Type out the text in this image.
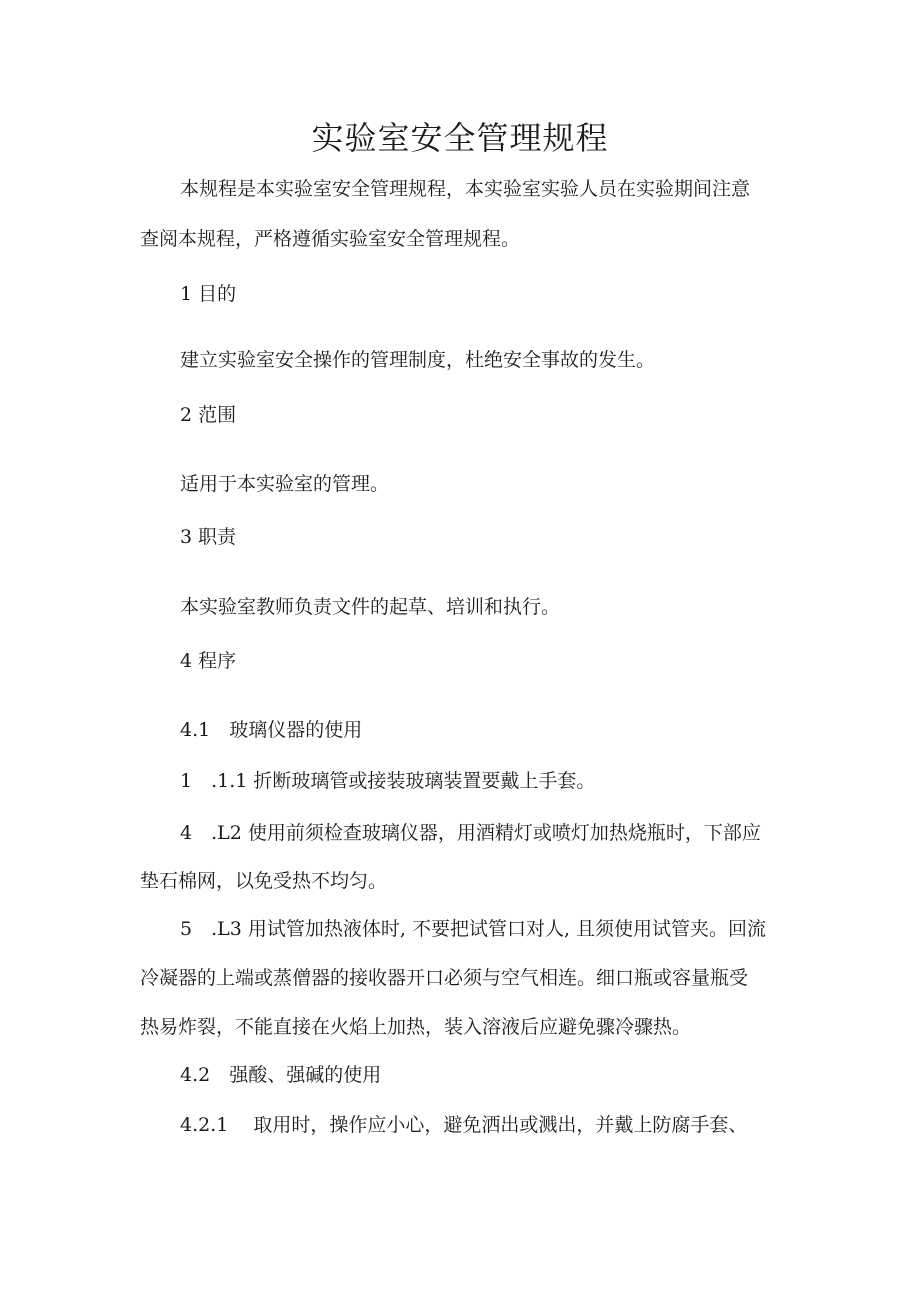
实验室安全管理规程
本规程是本实验室安全管理规程，本实验室实验人员在实验期间注意
查阅本规程，严格遵循实验室安全管理规程。
1 目的
建立实验室安全操作的管理制度，杜绝安全事故的发生。
2 范围
适用于本实验室的管理。
3 职责
本实验室教师负责文件的起草、培训和执行。
4 程序
4.1　玻璃仪器的使用
1　.1.1 折断玻璃管或接装玻璃装置要戴上手套。
4　.L2 使用前须检查玻璃仪器，用酒精灯或喷灯加热烧瓶时，下部应
垫石棉网，以免受热不均匀。
5　.L3 用试管加热液体时, 不要把试管口对人, 且须使用试管夹。回流
冷凝器的上端或蒸僧器的接收器开口必须与空气相连。细口瓶或容量瓶受
热易炸裂，不能直接在火焰上加热，装入溶液后应避免骤冷骤热。
4.2　强酸、强碱的使用
4.2.1　 取用时，操作应小心，避免洒出或溅出，并戴上防腐手套、
